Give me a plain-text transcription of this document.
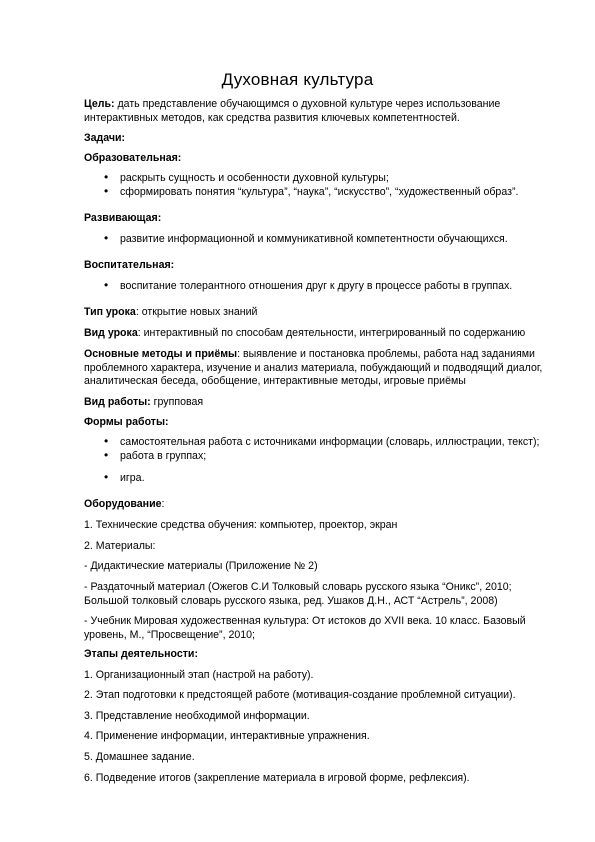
Духовная культура
Цель: дать представление обучающимся о духовной культуре через использование
интерактивных методов, как средства развития ключевых компетентностей.
Задачи:
Образовательная:
• раскрыть сущность и особенности духовной культуры;
• сформировать понятия “культура”, “наука”, “искусство”, “художественный образ”.
Развивающая:
• развитие информационной и коммуникативной компетентности обучающихся.
Воспитательная:
• воспитание толерантного отношения друг к другу в процессе работы в группах.
Тип урока: открытие новых знаний
Вид урока: интерактивный по способам деятельности, интегрированный по содержанию
Основные методы и приёмы: выявление и постановка проблемы, работа над заданиями
проблемного характера, изучение и анализ материала, побуждающий и подводящий диалог,
аналитическая беседа, обобщение, интерактивные методы, игровые приёмы
Вид работы: групповая
Формы работы:
• самостоятельная работа с источниками информации (словарь, иллюстрации, текст);
• работа в группах;
• игра.
Оборудование:
1. Технические средства обучения: компьютер, проектор, экран
2. Материалы:
- Дидактические материалы (Приложение № 2)
- Раздаточный материал (Ожегов С.И Толковый словарь русского языка “Оникс”, 2010;
Большой толковый словарь русского языка, ред. Ушаков Д.Н., АСТ “Астрель”, 2008)
- Учебник Мировая художественная культура: От истоков до XVII века. 10 класс. Базовый
уровень, М., “Просвещение”, 2010;
Этапы деятельности:
1. Организационный этап (настрой на работу).
2. Этап подготовки к предстоящей работе (мотивация-создание проблемной ситуации).
3. Представление необходимой информации.
4. Применение информации, интерактивные упражнения.
5. Домашнее задание.
6. Подведение итогов (закрепление материала в игровой форме, рефлексия).
